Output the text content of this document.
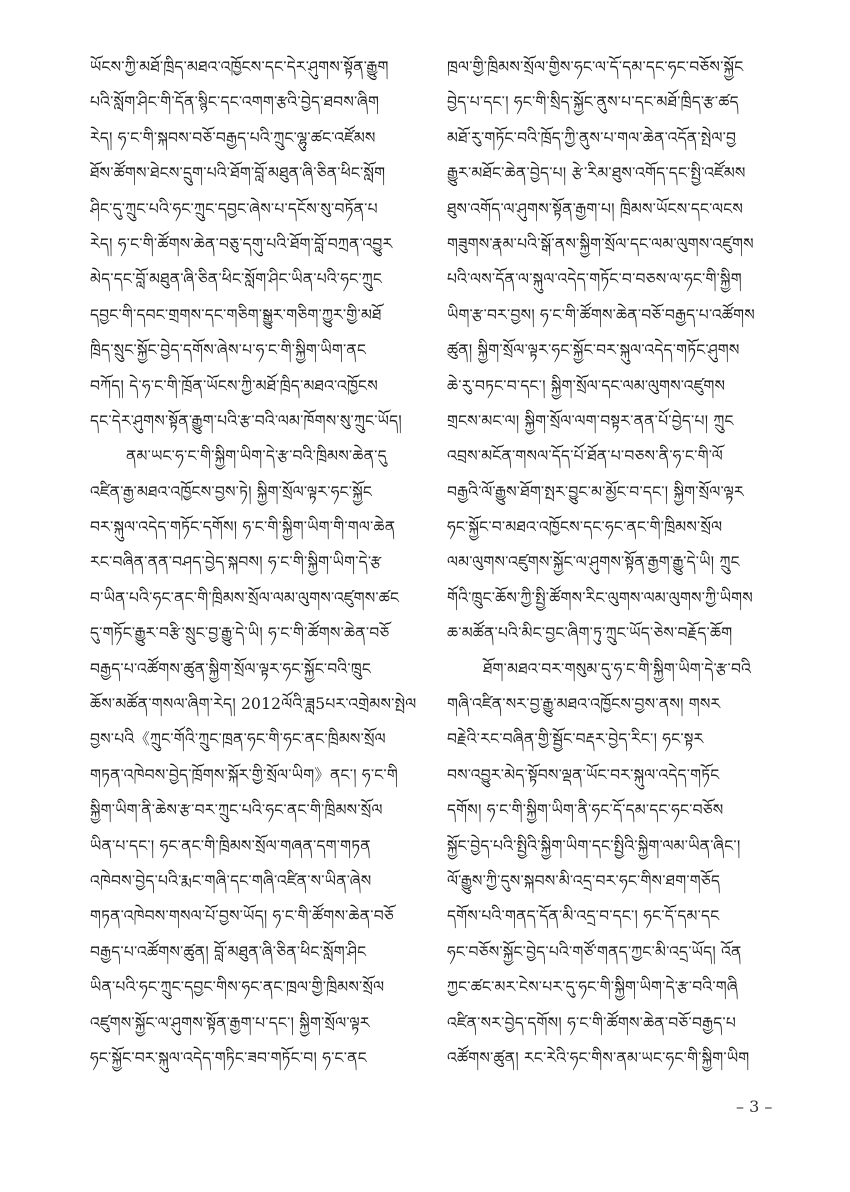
ཡོངས་ཀྱི་མཐོ་ཁྲིད་མཐའ་འཁྱོངས་དང་དེར་ཤུགས་སྟོན་རྒྱུག
པའི་སློག་ཤིང་གི་དོན་སྙིང་དང་འགག་རྩའི་བྱེད་ཐབས་ཞིག
རེད། ཧ་ང་གི་སྐབས་བཅོ་བརྒྱད་པའི་ཀྲུང་ལྷུ་ཚང་འཛོམས
ཐོས་ཚོགས་ཐེངས་དྲུག་པའི་ཐོག་བློ་མཐུན་ཞི་ཅིན་ཕིང་སློག
ཤིང་དུ་ཀྲུང་པའི་ཧང་ཀྲུང་དབྱང་ཞེས་པ་དངོས་སུ་བཏོན་པ
རེད། ཧ་ང་གི་ཚོགས་ཆེན་བཅུ་དགུ་པའི་ཐོག་བློ་བཀྲན་འབྱུར
མེད་དང་བློ་མཐུན་ཞི་ཅིན་ཕིང་སློག་ཤིང་ཡིན་པའི་ཧང་ཀྲུང
དབྱང་གི་དབང་གྲགས་དང་གཅིག་སྒྱུར་གཅིག་ཀྱུར་གྱི་མཐོ
ཁྲིད་སྲུང་སྐྱོང་བྱེད་དགོས་ཞེས་པ་ཧ་ང་གི་སྐྱིག་ཡིག་ནང
བཀོད། དེ་ཧ་ང་གི་ཁྲོན་ཡོངས་ཀྱི་མཐོ་ཁྲིད་མཐའ་འཁྱོངས
དང་དེར་ཤུགས་སྟོན་རྒྱུག་པའི་རྩ་བའི་ལམ་ཁོགས་སུ་ཀྲུང་ཡོད།
ནམ་ཡང་ཧ་ང་གི་སྐྱིག་ཡིག་དེ་རྩ་བའི་ཁྲིམས་ཆེན་དུ
འཛིན་རྒྱ་མཐའ་འཁྱོངས་བྱས་ཏེ། སྐྱིག་སྲོལ་ལྟར་ཧང་སྐྱོང
བར་སྐུལ་འདེད་གཏོང་དགོས། ཧ་ང་གི་སྐྱིག་ཡིག་གི་གལ་ཆེན
རང་བཞིན་ནན་བཤད་བྱེད་སྐབས། ཧ་ང་གི་སྐྱིག་ཡིག་དེ་རྩ
བ་ཡིན་པའི་ཧང་ནང་གི་ཁྲིམས་སྲོལ་ལམ་ལུགས་འཛུགས་ཚང
དུ་གཏོང་རྒྱུར་བརྩི་སྲུང་བྱ་རྒྱུ་དེ་ཡི། ཧ་ང་གི་ཚོགས་ཆེན་བཅོ
བརྒྱད་པ་འཚོགས་ཚུན་སྐྱིག་སྲོལ་ལྟར་ཧང་སྐྱོང་བའི་ཁྲུང
ཆོས་མཚོན་གསལ་ཞིག་རེད། 2012ལོའི་ཟླ5པར་འགྲེམས་སྤེལ
བྱས་པའི《ཀྲུང་གོའི་ཀྲུང་ཁྲན་ཧང་གི་ཧང་ནང་ཁྲིམས་སྲོལ
གཏན་འཁེབས་བྱེད་ཁྲོགས་སྐོར་གྱི་སྲོལ་ཡིག》ནང་། ཧ་ང་གི
སྐྱིག་ཡིག་ནི་ཆེས་རྩ་བར་ཀྲུང་པའི་ཧང་ནང་གི་ཁྲིམས་སྲོལ
ཡིན་པ་དང་། ཧང་ནང་གི་ཁྲིམས་སྲོལ་གཞན་དག་གཏན
འཁེབས་བྱེད་པའི་རྨང་གཞི་དང་གཞི་འཛིན་ས་ཡིན་ཞེས
གཏན་འཁེབས་གསལ་པོ་བྱས་ཡོད། ཧ་ང་གི་ཚོགས་ཆེན་བཅོ
བརྒྱད་པ་འཚོགས་ཚུན། བློ་མཐུན་ཞི་ཅིན་ཕིང་སློག་ཤིང
ཡིན་པའི་ཧང་ཀྲུང་དབྱང་གིས་ཧང་ནང་ཁྲལ་གྱི་ཁྲིམས་སྲོལ
འཛུགས་སྐྱོང་ལ་ཤུགས་སྟོན་རྒྱག་པ་དང་། སྐྱིག་སྲོལ་ལྟར
ཧང་སྐྱོང་བར་སྐུལ་འདེད་གཏིང་ཟབ་གཏོང་བ། ཧ་ང་ནང
ཁྲལ་གྱི་ཁྲིམས་སྲོལ་གྱིས་ཧང་ལ་དོ་དམ་དང་ཧང་བཅོས་སྐྱོང
བྱེད་པ་དང་། ཧང་གི་སྲིད་སྐྱོང་ནུས་པ་དང་མཐོ་ཁྲིད་རྩ་ཚད
མཐོ་རུ་གཏོང་བའི་ཁྲོད་ཀྱི་ནུས་པ་གལ་ཆེན་འདོན་སྤེལ་བྱ
རྒྱུར་མཐོང་ཆེན་བྱེད་པ། རྩེ་རིམ་ཐུས་འགོད་དང་སྤྱི་འཛོམས
ཐུས་འགོད་ལ་ཤུགས་སྟོན་རྒྱག་པ། ཁྲིམས་ཡོངས་དང་ལངས
གཟུགས་རྣམ་པའི་སྒོ་ནས་སྐྱིག་སྲོལ་དང་ལམ་ལུགས་འཛུགས
པའི་ལས་དོན་ལ་སྐུལ་འདེད་གཏོང་བ་བཅས་ལ་ཧང་གི་སྐྱིག
ཡིག་རྩ་བར་བྱས། ཧ་ང་གི་ཚོགས་ཆེན་བཅོ་བརྒྱད་པ་འཚོགས
ཚུན། སྐྱིག་སྲོལ་ལྟར་ཧང་སྐྱོང་བར་སྐུལ་འདེད་གཏོང་ཤུགས
ཆེ་རུ་བཏང་བ་དང་། སྐྱིག་སྲོལ་དང་ལམ་ལུགས་འཛུགས
གྲངས་མང་ལ། སྐྱིག་སྲོལ་ལག་བསྟར་ནན་པོ་བྱེད་པ། ཀྲུང
འབྲས་མངོན་གསལ་དོད་པོ་ཐོན་པ་བཅས་ནི་ཧ་ང་གི་ལོ
བརྒྱའི་ལོ་རྒྱུས་ཐོག་སྤར་བྱུང་མ་མྱོང་བ་དང་། སྐྱིག་སྲོལ་ལྟར
ཧང་སྐྱོང་བ་མཐའ་འཁྱོངས་དང་ཧང་ནང་གི་ཁྲིམས་སྲོལ
ལམ་ལུགས་འཛུགས་སྐྱོང་ལ་ཤུགས་སྟོན་རྒྱག་རྒྱུ་དེ་ཡི། ཀྲུང
གོའི་ཁྲུང་ཆོས་ཀྱི་སྤྱི་ཚོགས་རིང་ལུགས་ལམ་ལུགས་ཀྱི་ཡིགས
ཆ་མཚོན་པའི་མིང་བྱང་ཞིག་ཏུ་ཀྲུང་ཡོད་ཅེས་བརྗོད་ཆོག
ཐོག་མཐའ་བར་གསུམ་དུ་ཧ་ང་གི་སྐྱིག་ཡིག་དེ་རྩ་བའི
གཞི་འཛིན་སར་བྱ་རྒྱུ་མཐའ་འཁྱོངས་བྱས་ནས། གསར
བརྗེའི་རང་བཞིན་གྱི་སྦྱོང་བརྡར་བྱེད་རིང་། ཧང་སྟར
བས་འབྱུར་མེད་སྟོབས་ལྡན་ཡོང་བར་སྐུལ་འདེད་གཏོང
དགོས། ཧ་ང་གི་སྐྱིག་ཡིག་ནི་ཧང་དོ་དམ་དང་ཧང་བཅོས
སྐྱོང་བྱེད་པའི་སྤྱིའི་སྐྱིག་ཡིག་དང་སྤྱིའི་སྐྱིག་ལམ་ཡིན་ཞིང་།
ལོ་རྒྱུས་ཀྱི་དུས་སྐབས་མི་འདྲ་བར་ཧང་གིས་ཐག་གཅོད
དགོས་པའི་གནད་དོན་མི་འདྲ་བ་དང་། ཧང་དོ་དམ་དང
ཧང་བཅོས་སྐྱོང་བྱེད་པའི་གཙོ་གནད་ཀྱང་མི་འདྲ་ཡོད། འོན
ཀྱང་ཚང་མར་ངེས་པར་དུ་ཧང་གི་སྐྱིག་ཡིག་དེ་རྩ་བའི་གཞི
འཛིན་སར་བྱེད་དགོས། ཧ་ང་གི་ཚོགས་ཆེན་བཅོ་བརྒྱད་པ
འཚོགས་ཚུན། རང་རེའི་ཧང་གིས་ནམ་ཡང་ཧང་གི་སྐྱིག་ཡིག
– 3 –
